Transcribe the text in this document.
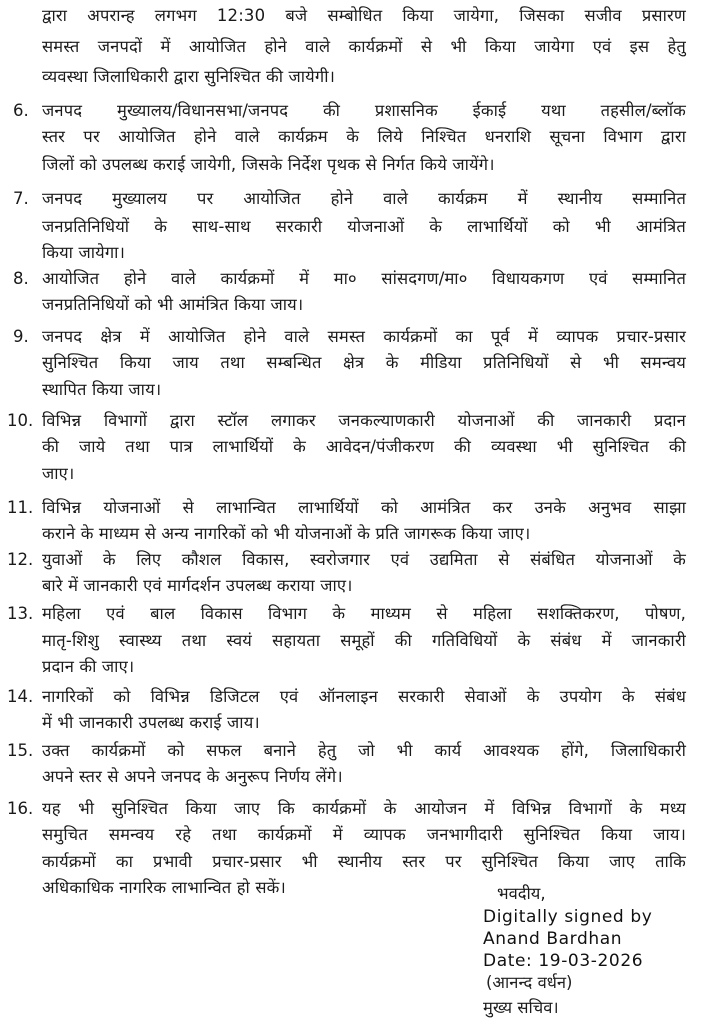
द्वारा अपरान्ह लगभग 12:30 बजे सम्बोधित किया जायेगा, जिसका सजीव प्रसारण
समस्त जनपदों में आयोजित होने वाले कार्यक्रमों से भी किया जायेगा एवं इस हेतु
व्यवस्था जिलाधिकारी द्वारा सुनिश्चित की जायेगी।
6. जनपद मुख्यालय/विधानसभा/जनपद की प्रशासनिक ईकाई यथा तहसील/ब्लॉक
स्तर पर आयोजित होने वाले कार्यक्रम के लिये निश्चित धनराशि सूचना विभाग द्वारा
जिलों को उपलब्ध कराई जायेगी, जिसके निर्देश पृथक से निर्गत किये जायेंगे।
7. जनपद मुख्यालय पर आयोजित होने वाले कार्यक्रम में स्थानीय सम्मानित
जनप्रतिनिधियों के साथ-साथ सरकारी योजनाओं के लाभार्थियों को भी आमंत्रित
किया जायेगा।
8. आयोजित होने वाले कार्यक्रमों में मा० सांसदगण/मा० विधायकगण एवं सम्मानित
जनप्रतिनिधियों को भी आमंत्रित किया जाय।
9. जनपद क्षेत्र में आयोजित होने वाले समस्त कार्यक्रमों का पूर्व में व्यापक प्रचार-प्रसार
सुनिश्चित किया जाय तथा सम्बन्धित क्षेत्र के मीडिया प्रतिनिधियों से भी समन्वय
स्थापित किया जाय।
10. विभिन्न विभागों द्वारा स्टॉल लगाकर जनकल्याणकारी योजनाओं की जानकारी प्रदान
की जाये तथा पात्र लाभार्थियों के आवेदन/पंजीकरण की व्यवस्था भी सुनिश्चित की
जाए।
11. विभिन्न योजनाओं से लाभान्वित लाभार्थियों को आमंत्रित कर उनके अनुभव साझा
कराने के माध्यम से अन्य नागरिकों को भी योजनाओं के प्रति जागरूक किया जाए।
12. युवाओं के लिए कौशल विकास, स्वरोजगार एवं उद्यमिता से संबंधित योजनाओं के
बारे में जानकारी एवं मार्गदर्शन उपलब्ध कराया जाए।
13. महिला एवं बाल विकास विभाग के माध्यम से महिला सशक्तिकरण, पोषण,
मातृ-शिशु स्वास्थ्य तथा स्वयं सहायता समूहों की गतिविधियों के संबंध में जानकारी
प्रदान की जाए।
14. नागरिकों को विभिन्न डिजिटल एवं ऑनलाइन सरकारी सेवाओं के उपयोग के संबंध
में भी जानकारी उपलब्ध कराई जाय।
15. उक्त कार्यक्रमों को सफल बनाने हेतु जो भी कार्य आवश्यक होंगे, जिलाधिकारी
अपने स्तर से अपने जनपद के अनुरूप निर्णय लेंगे।
16. यह भी सुनिश्चित किया जाए कि कार्यक्रमों के आयोजन में विभिन्न विभागों के मध्य
समुचित समन्वय रहे तथा कार्यक्रमों में व्यापक जनभागीदारी सुनिश्चित किया जाय।
कार्यक्रमों का प्रभावी प्रचार-प्रसार भी स्थानीय स्तर पर सुनिश्चित किया जाए ताकि
अधिकाधिक नागरिक लाभान्वित हो सकें।	भवदीय,
Digitally signed by
Anand Bardhan
Date: 19-03-2026
(आनन्द वर्धन)
मुख्य सचिव।
